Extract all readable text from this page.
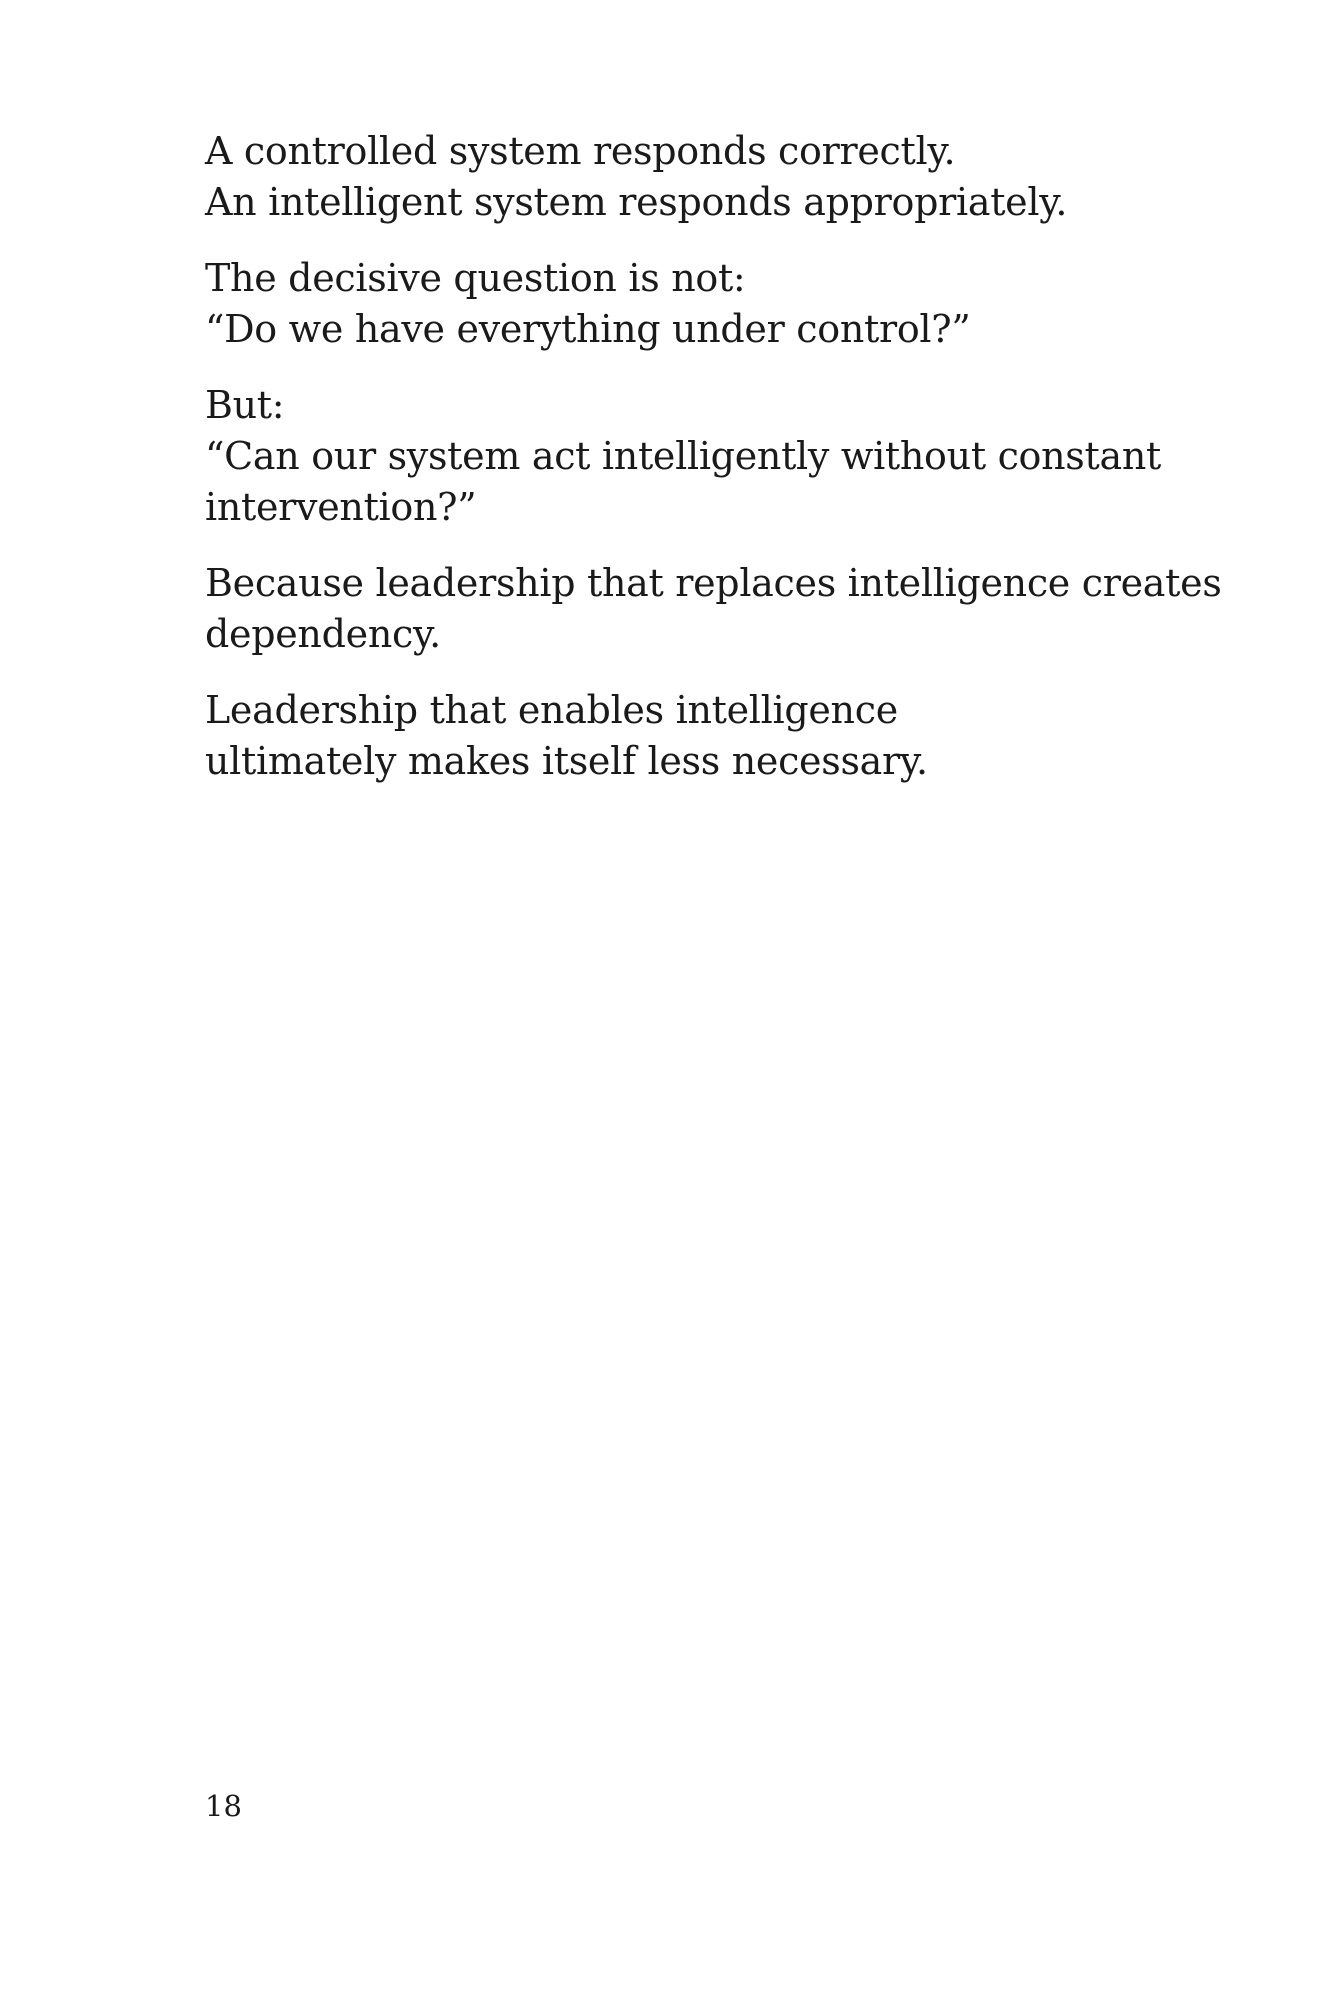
A controlled system responds correctly.
An intelligent system responds appropriately.

The decisive question is not:
“Do we have everything under control?”

But:
“Can our system act intelligently without constant
intervention?”

Because leadership that replaces intelligence creates
dependency.

Leadership that enables intelligence
ultimately makes itself less necessary.

18
